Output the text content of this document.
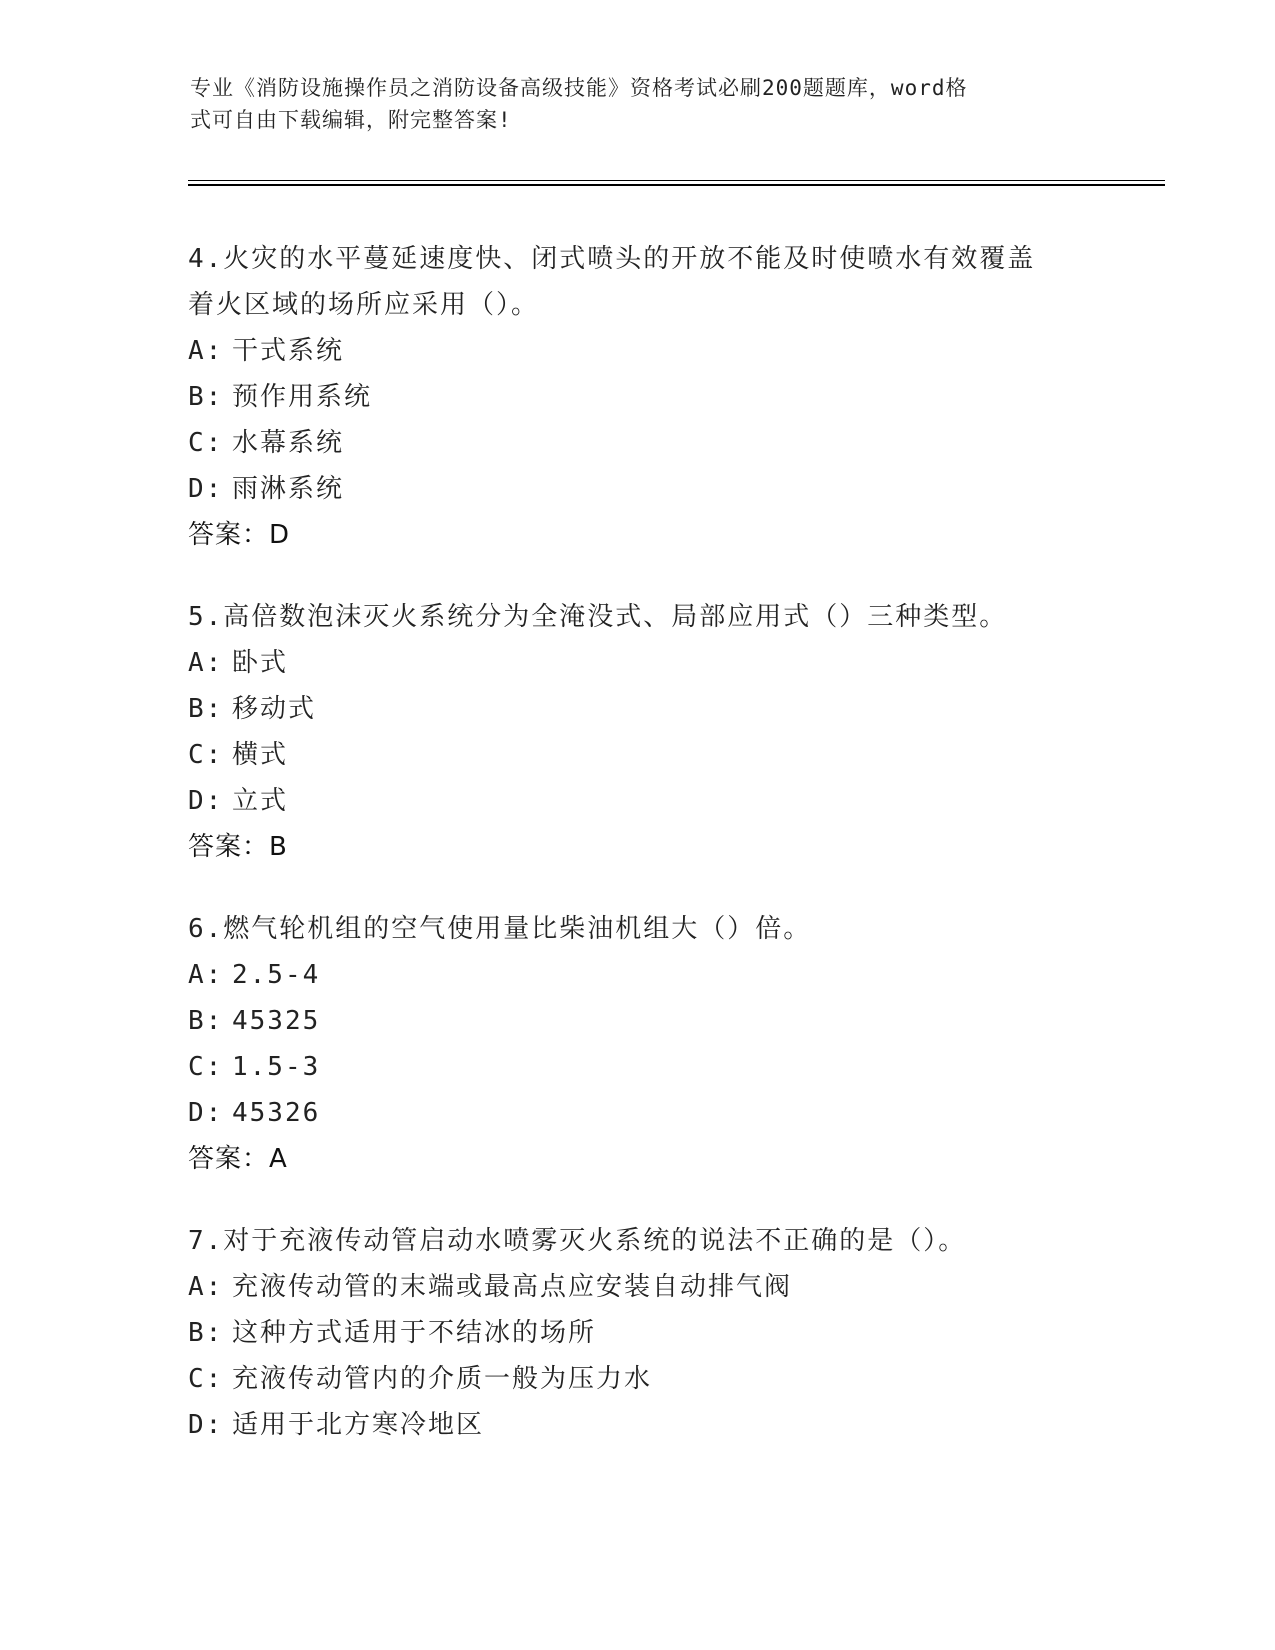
专业《消防设施操作员之消防设备高级技能》资格考试必刷200题题库，word格
式可自由下载编辑，附完整答案!
4.火灾的水平蔓延速度快、闭式喷头的开放不能及时使喷水有效覆盖
着火区域的场所应采用（）。
A: 干式系统
B: 预作用系统
C: 水幕系统
D: 雨淋系统
答案：D
5.高倍数泡沫灭火系统分为全淹没式、局部应用式（）三种类型。
A: 卧式
B: 移动式
C: 横式
D: 立式
答案：B
6.燃气轮机组的空气使用量比柴油机组大（）倍。
A: 2.5-4
B: 45325
C: 1.5-3
D: 45326
答案：A
7.对于充液传动管启动水喷雾灭火系统的说法不正确的是（）。
A: 充液传动管的末端或最高点应安装自动排气阀
B: 这种方式适用于不结冰的场所
C: 充液传动管内的介质一般为压力水
D: 适用于北方寒冷地区
